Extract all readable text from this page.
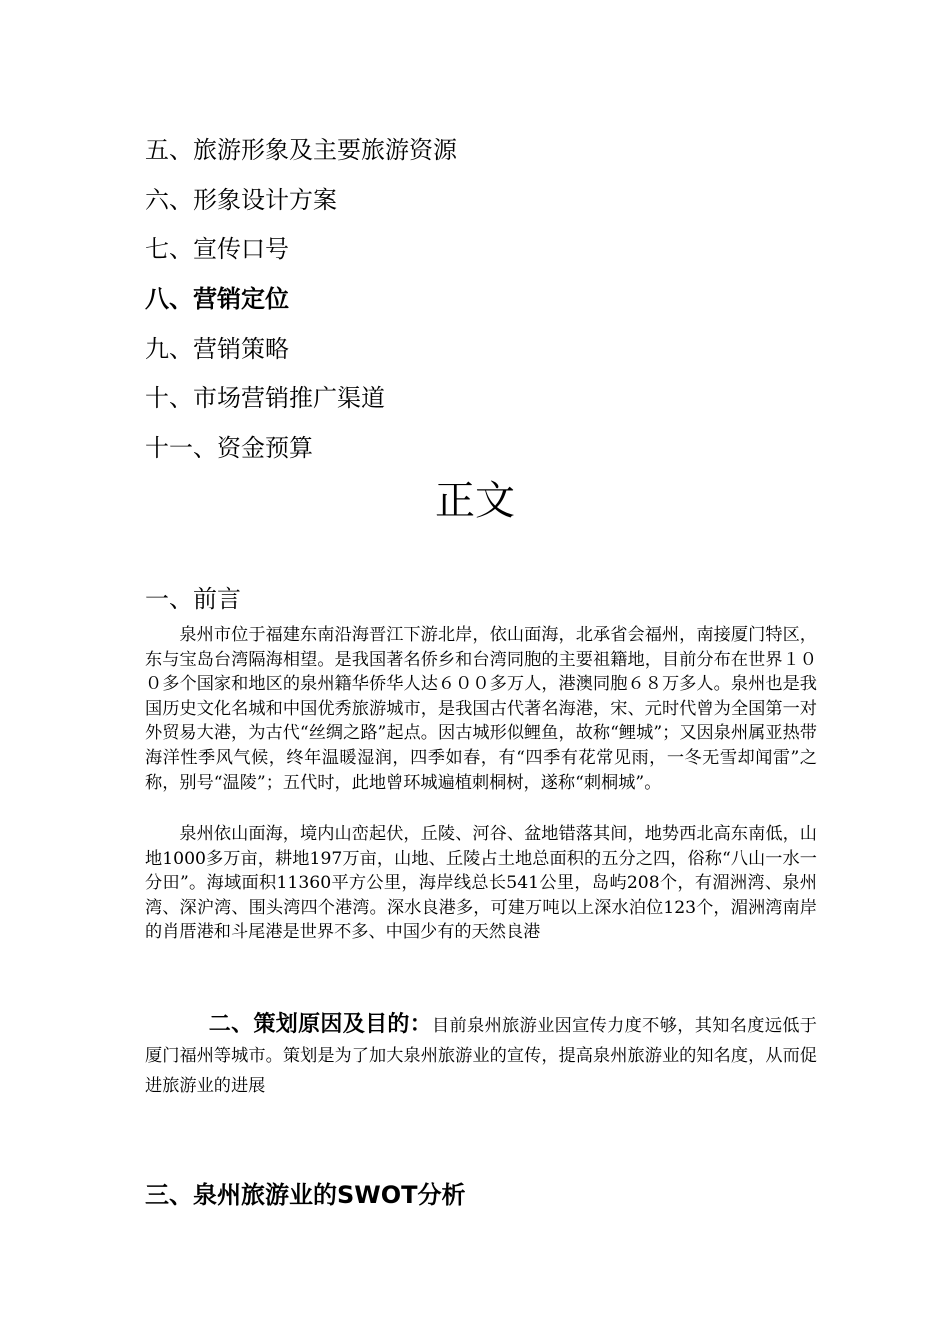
五、旅游形象及主要旅游资源
六、形象设计方案
七、宣传口号
八、营销定位
九、营销策略
十、市场营销推广渠道
十一、资金预算
正文
一、前言
泉州市位于福建东南沿海晋江下游北岸，依山面海，北承省会福州，南接厦门特区，东与宝岛台湾隔海相望。是我国著名侨乡和台湾同胞的主要祖籍地，目前分布在世界１００多个国家和地区的泉州籍华侨华人达６００多万人，港澳同胞６８万多人。泉州也是我国历史文化名城和中国优秀旅游城市，是我国古代著名海港，宋、元时代曾为全国第一对外贸易大港，为古代“丝绸之路”起点。因古城形似鲤鱼，故称“鲤城”；又因泉州属亚热带海洋性季风气候，终年温暖湿润，四季如春，有“四季有花常见雨，一冬无雪却闻雷”之称，别号“温陵”；五代时，此地曾环城遍植刺桐树，遂称“刺桐城”。
泉州依山面海，境内山峦起伏，丘陵、河谷、盆地错落其间，地势西北高东南低，山地1000多万亩，耕地197万亩，山地、丘陵占土地总面积的五分之四，俗称“八山一水一分田”。海域面积11360平方公里，海岸线总长541公里，岛屿208个，有湄洲湾、泉州湾、深沪湾、围头湾四个港湾。深水良港多，可建万吨以上深水泊位123个，湄洲湾南岸的肖厝港和斗尾港是世界不多、中国少有的天然良港
二、策划原因及目的：目前泉州旅游业因宣传力度不够，其知名度远低于厦门福州等城市。策划是为了加大泉州旅游业的宣传，提高泉州旅游业的知名度，从而促进旅游业的进展
三、泉州旅游业的SWOT分析
